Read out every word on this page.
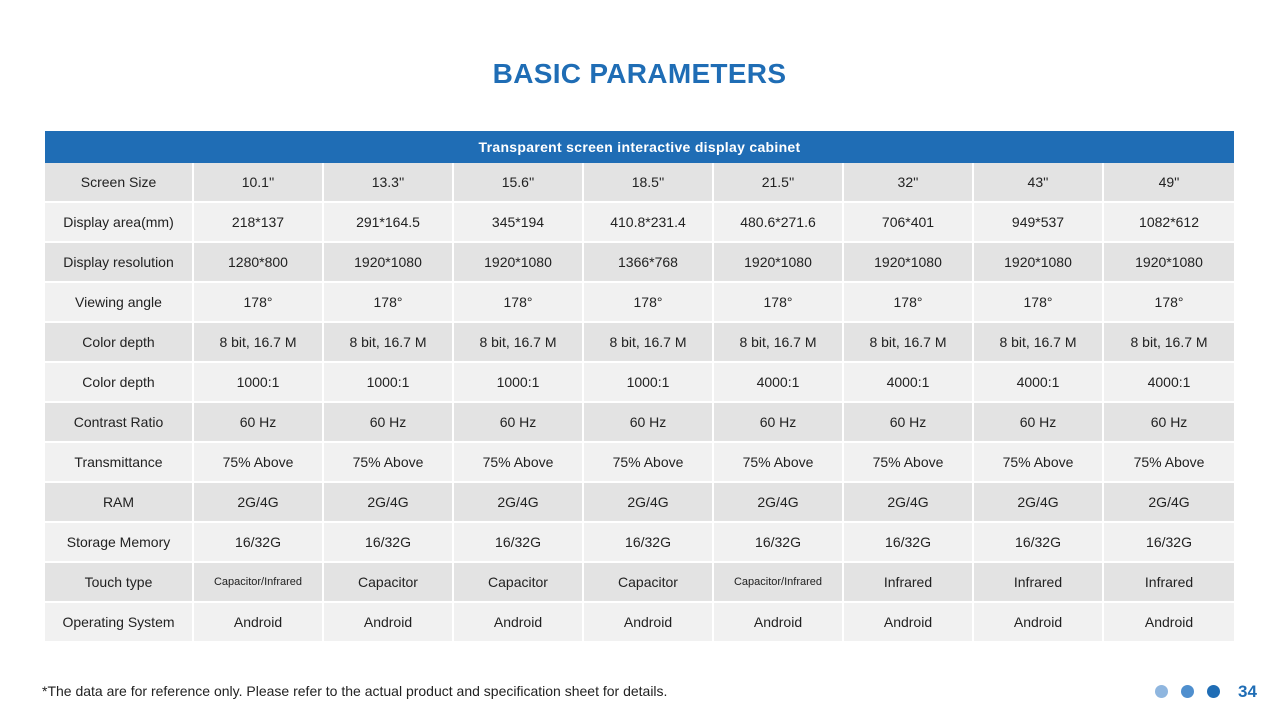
BASIC PARAMETERS
Transparent screen interactive display cabinet								
Screen Size	10.1''	13.3''	15.6''	18.5''	21.5''	32''	43''	49''
Display area(mm)	218*137	291*164.5	345*194	410.8*231.4	480.6*271.6	706*401	949*537	1082*612
Display resolution	1280*800	1920*1080	1920*1080	1366*768	1920*1080	1920*1080	1920*1080	1920*1080
Viewing angle	178°	178°	178°	178°	178°	178°	178°	178°
Color depth	8 bit, 16.7 M	8 bit, 16.7 M	8 bit, 16.7 M	8 bit, 16.7 M	8 bit, 16.7 M	8 bit, 16.7 M	8 bit, 16.7 M	8 bit, 16.7 M
Color depth	1000:1	1000:1	1000:1	1000:1	4000:1	4000:1	4000:1	4000:1
Contrast Ratio	60 Hz	60 Hz	60 Hz	60 Hz	60 Hz	60 Hz	60 Hz	60 Hz
Transmittance	75% Above	75% Above	75% Above	75% Above	75% Above	75% Above	75% Above	75% Above
RAM	2G/4G	2G/4G	2G/4G	2G/4G	2G/4G	2G/4G	2G/4G	2G/4G
Storage Memory	16/32G	16/32G	16/32G	16/32G	16/32G	16/32G	16/32G	16/32G
Touch type	Capacitor/Infrared	Capacitor	Capacitor	Capacitor	Capacitor/Infrared	Infrared	Infrared	Infrared
Operating System	Android	Android	Android	Android	Android	Android	Android	Android
*The data are for reference only. Please refer to the actual product and specification sheet for details.	34
